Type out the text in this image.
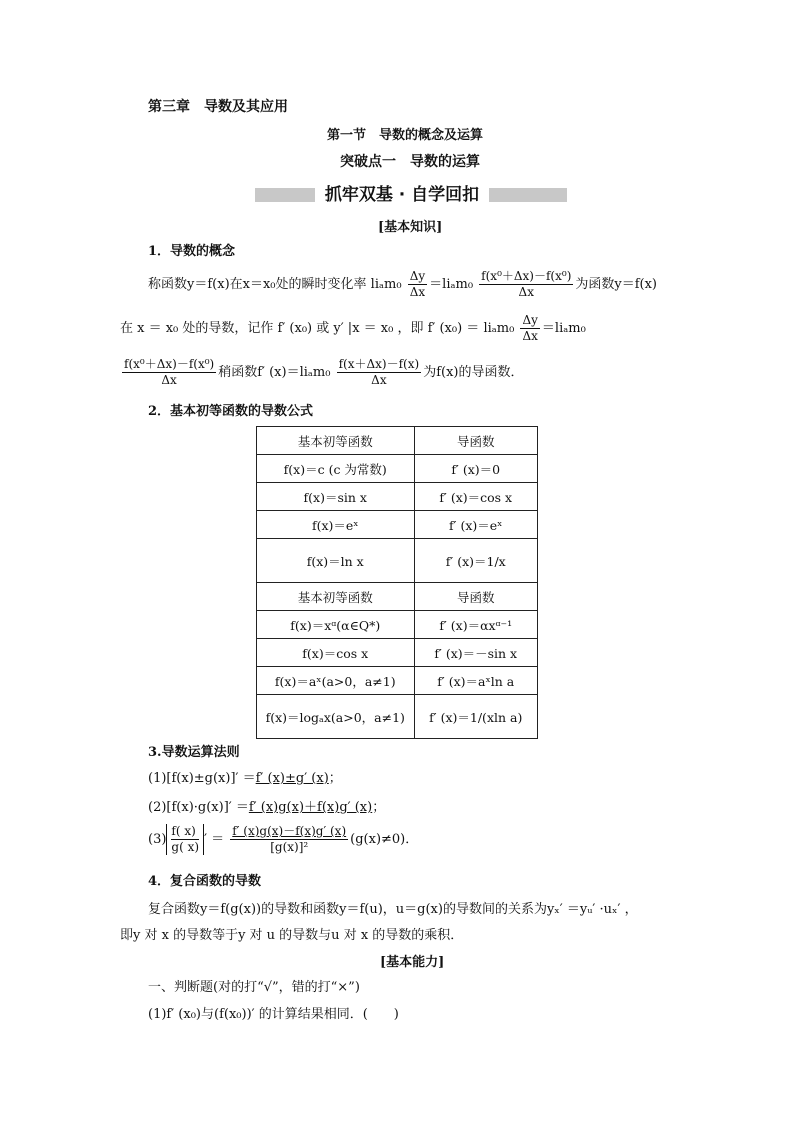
第三章　导数及其应用
第一节　导数的概念及运算
突破点一　导数的运算
抓牢双基 · 自学回扣
[基本知识]
1．导数的概念
称函数y＝f(x)在x＝x₀处的瞬时变化率 $li_am_0 \frac{\Delta y}{\Delta x} =li_am_0 \frac{\text{f(x⁰＋Δx)－f(x⁰)}}{\Delta x}$ 为函数y＝f(x)
在 x ＝ x₀ 处的导数，记作 f′ (x₀) 或 y′ |x ＝ x₀ ，即 f′ $(x_0) = li_am_0 \frac{\Delta y}{\Delta x} =li_am_0$
$\frac{\text{f(x⁰＋Δx)－f(x⁰)}}{\Delta x}$ 稍函数f′ $(x)=li_am_0 \frac{f(x+\Delta x)-f(x)}{\Delta x}$ 为f(x)的导函数．
2．基本初等函数的导数公式
基本初等函数	导函数
f(x)＝c (c 为常数)	f′ (x)＝0
f(x)＝sin x	f′ (x)＝cos x
f(x)＝eˣ	f′ (x)＝eˣ
f(x)＝ln x	f′ (x)＝1/x
基本初等函数	导函数
f(x)＝xᵅ(α∈Q*)	f′ (x)＝αxᵅ⁻¹
f(x)＝cos x	f′ (x)＝－sin x
f(x)＝aˣ(a>0，a≠1)	f′ (x)＝aˣln a
f(x)＝logₐx(a>0，a≠1)	f′ (x)＝1/(xln a)
3.导数运算法则
(1)[f(x)±g(x)]′ ＝f′ (x)±g′ (x)；
(2)[f(x)·g(x)]′ ＝f′ (x)g(x)＋f(x)g′ (x)；
$(3) \frac{f( x)}{g( x)}$ ′ ＝ $\frac{f' (x)g(x)-f(x)g' (x)}{\text{[g(x)]²}} (g(x)\ne 0)$．
4．复合函数的导数
复合函数y＝f(g(x))的导数和函数y＝f(u)，u＝g(x)的导数间的关系为yₓ′ ＝yᵤ′ ·uₓ′ ，
即y 对 x 的导数等于y 对 u 的导数与u 对 x 的导数的乘积．
[基本能力]
一、判断题(对的打“√”，错的打“×”)
(1)f′ (x₀)与(f(x₀))′ 的计算结果相同．(　　)
